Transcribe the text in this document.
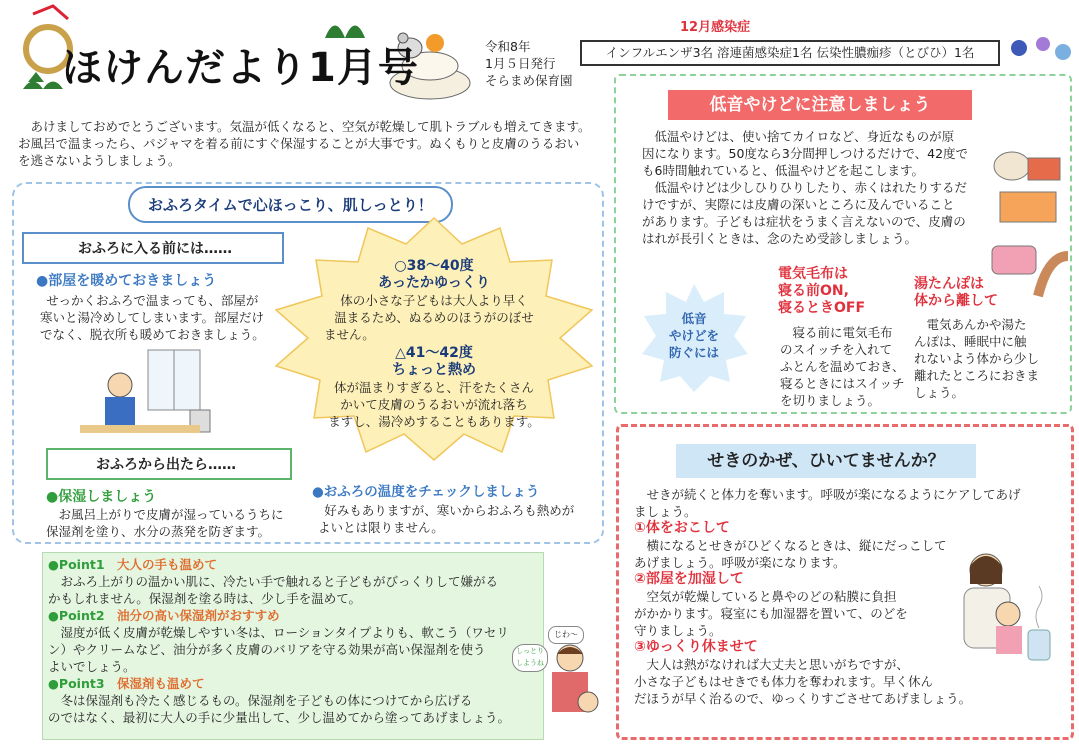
ほけんだより1月号	令和8年
1月５日発行
そらまめ保育園
12月感染症
インフルエンザ3名 溶連菌感染症1名 伝染性膿痂疹（とびひ）1名
あけましておめでとうございます。気温が低くなると、空気が乾燥して肌トラブルも増えてきます。
お風呂で温まったら、パジャマを着る前にすぐ保湿することが大事です。ぬくもりと皮膚のうるおい
を逃さないようしましょう。
おふろタイムで心ほっこり、肌しっとり！
おふろに入る前には……
●部屋を暖めておきましょう
せっかくおふろで温まっても、部屋が
寒いと湯冷めしてしまいます。部屋だけ
でなく、脱衣所も暖めておきましょう。
おふろから出たら……
●保湿しましょう
お風呂上がりで皮膚が湿っているうちに
保湿剤を塗り、水分の蒸発を防ぎます。
○38～40度
あったかゆっくり
体の小さな子どもは大人より早く
温まるため、ぬるめのほうがのぼせ
ません。
△41～42度
ちょっと熱め
体が温まりすぎると、汗をたくさん
かいて皮膚のうるおいが流れ落ち
ますし、湯冷めすることもあります。
●おふろの温度をチェックしましょう
好みもありますが、寒いからおふろも熱めが
よいとは限りません。
●Point1　 大人の手も温めて
おふろ上がりの温かい肌に、冷たい手で触れると子どもがびっくりして嫌がる
かもしれません。保湿剤を塗る時は、少し手を温めて。
●Point2　 油分の高い保湿剤がおすすめ
湿度が低く皮膚が乾燥しやすい冬は、ローションタイプよりも、軟こう（ワセリ
ン）やクリームなど、油分が多く皮膚のバリアを守る効果が高い保湿剤を使う
よいでしょう。
●Point3　 保湿剤も温めて
冬は保湿剤も冷たく感じるもの。保湿剤を子どもの体につけてから広げる
のではなく、最初に大人の手に少量出して、少し温めてから塗ってあげましょう。
じわ〜
しっとりしようね
低音やけどに注意しましょう
低温やけどは、使い捨てカイロなど、身近なものが原
因になります。50度なら3分間押しつけるだけで、42度で
も6時間触れていると、低温やけどを起こします。
低温やけどは少しひりひりしたり、赤くはれたりするだ
けですが、実際には皮膚の深いところに及んでいること
があります。子どもは症状をうまく言えないので、皮膚の
はれが長引くときは、念のため受診しましょう。
低音
やけどを
防ぐには
電気毛布は
寝る前ON,
寝るときOFF
寝る前に電気毛布
のスイッチを入れて
ふとんを温めておき、
寝るときにはスイッチ
を切りましょう。
湯たんぽは
体から離して
電気あんかや湯た
んぽは、睡眠中に触
れないよう体から少し
離れたところにおきま
しょう。
せきのかぜ、ひいてませんか？
せきが続くと体力を奪います。呼吸が楽になるようにケアしてあげ
ましょう。
①体をおこして
横になるとせきがひどくなるときは、縦にだっこして
あげましょう。呼吸が楽になります。
②部屋を加湿して
空気が乾燥していると鼻やのどの粘膜に負担
がかかります。寝室にも加湿器を置いて、のどを
守りましょう。
③ゆっくり休ませて
大人は熱がなければ大丈夫と思いがちですが、
小さな子どもはせきでも体力を奪われます。早く休ん
だほうが早く治るので、ゆっくりすごさせてあげましょう。
